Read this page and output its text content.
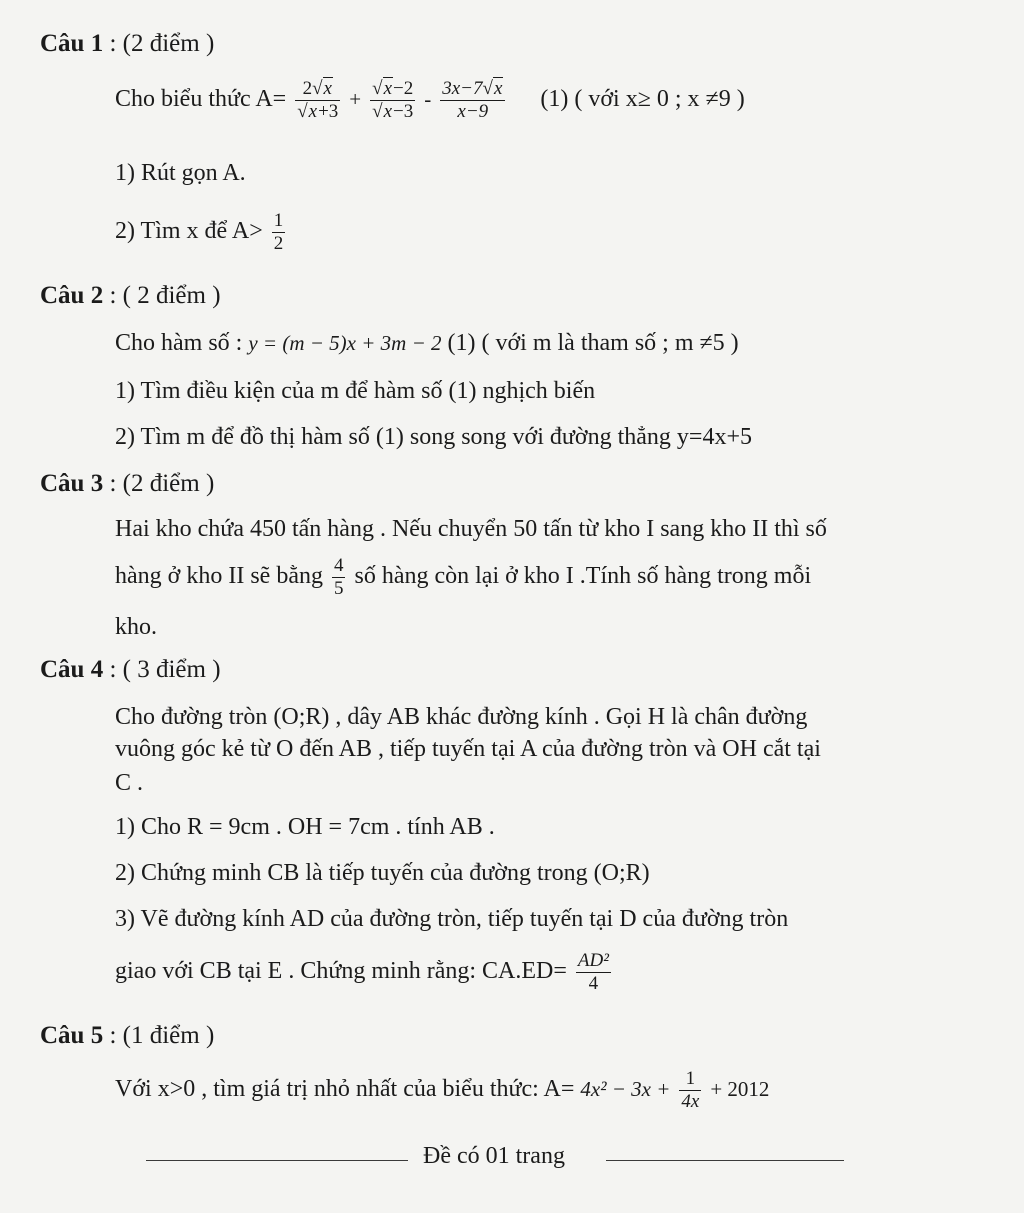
Câu 1 : (2 điểm )
Cho biểu thức $A= \frac{2√x}{√x+3} + \frac{√x-2}{√x-3} - \frac{3x-7√x}{x-9} (1)$ ( với x≥ 0 ; x ≠9 )
1) Rút gọn A.
2) Tìm x để $A> \frac{1}{2}$
Câu 2 : ( 2 điểm )
Cho hàm số : y = (m − 5)x + 3m − 2 (1) ( với m là tham số ; m ≠5 )
1) Tìm điều kiện của m để hàm số (1) nghịch biến
2) Tìm m để đồ thị hàm số (1) song song với đường thẳng y=4x+5
Câu 3 : (2 điểm )
Hai kho chứa 450 tấn hàng . Nếu chuyển 50 tấn từ kho I sang kho II thì số
hàng ở kho II sẽ bằng $\frac{4}{5}$ số hàng còn lại ở kho I .Tính số hàng trong mỗi
kho.
Câu 4 : ( 3 điểm )
Cho đường tròn (O;R) , dây AB khác đường kính . Gọi H là chân đường
vuông góc kẻ từ O đến AB , tiếp tuyến tại A của đường tròn và OH cắt tại
C .
1) Cho R = 9cm . OH = 7cm . tính AB .
2) Chứng minh CB là tiếp tuyến của đường trong (O;R)
3) Vẽ đường kính AD của đường tròn, tiếp tuyến tại D của đường tròn
giao với CB tại E . Chứng minh rằng: $CA.ED= \frac{\text{AD²}}{4}$
Câu 5 : (1 điểm )
Với x>0 , tìm giá trị nhỏ nhất của biểu thức: $A= 4x^2 - 3x + \frac{1}{4x} + 2012$
Đề có 01 trang
